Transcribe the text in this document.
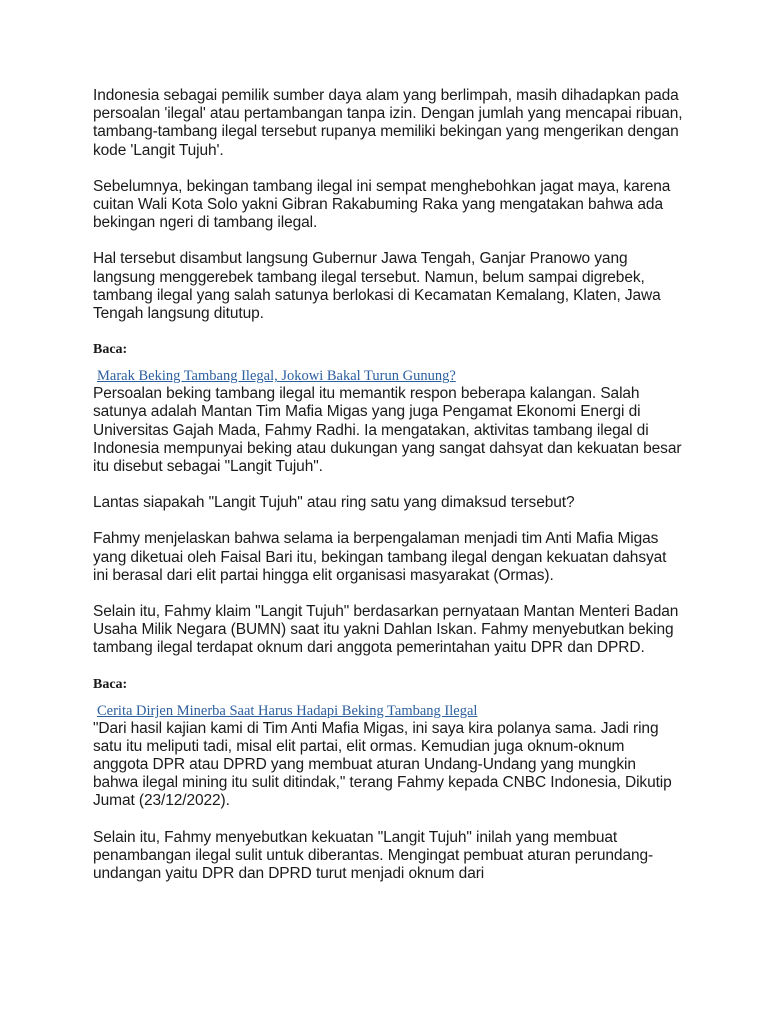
Indonesia sebagai pemilik sumber daya alam yang berlimpah, masih dihadapkan pada persoalan 'ilegal' atau pertambangan tanpa izin. Dengan jumlah yang mencapai ribuan, tambang-tambang ilegal tersebut rupanya memiliki bekingan yang mengerikan dengan kode 'Langit Tujuh'.

Sebelumnya, bekingan tambang ilegal ini sempat menghebohkan jagat maya, karena cuitan Wali Kota Solo yakni Gibran Rakabuming Raka yang mengatakan bahwa ada bekingan ngeri di tambang ilegal.

Hal tersebut disambut langsung Gubernur Jawa Tengah, Ganjar Pranowo yang langsung menggerebek tambang ilegal tersebut. Namun, belum sampai digrebek, tambang ilegal yang salah satunya berlokasi di Kecamatan Kemalang, Klaten, Jawa Tengah langsung ditutup.

Baca:

Marak Beking Tambang Ilegal, Jokowi Bakal Turun Gunung?

Persoalan beking tambang ilegal itu memantik respon beberapa kalangan. Salah satunya adalah Mantan Tim Mafia Migas yang juga Pengamat Ekonomi Energi di Universitas Gajah Mada, Fahmy Radhi. Ia mengatakan, aktivitas tambang ilegal di Indonesia mempunyai beking atau dukungan yang sangat dahsyat dan kekuatan besar itu disebut sebagai "Langit Tujuh".

Lantas siapakah "Langit Tujuh" atau ring satu yang dimaksud tersebut?

Fahmy menjelaskan bahwa selama ia berpengalaman menjadi tim Anti Mafia Migas yang diketuai oleh Faisal Bari itu, bekingan tambang ilegal dengan kekuatan dahsyat ini berasal dari elit partai hingga elit organisasi masyarakat (Ormas).

Selain itu, Fahmy klaim "Langit Tujuh" berdasarkan pernyataan Mantan Menteri Badan Usaha Milik Negara (BUMN) saat itu yakni Dahlan Iskan. Fahmy menyebutkan beking tambang ilegal terdapat oknum dari anggota pemerintahan yaitu DPR dan DPRD.

Baca:

Cerita Dirjen Minerba Saat Harus Hadapi Beking Tambang Ilegal

"Dari hasil kajian kami di Tim Anti Mafia Migas, ini saya kira polanya sama. Jadi ring satu itu meliputi tadi, misal elit partai, elit ormas. Kemudian juga oknum-oknum anggota DPR atau DPRD yang membuat aturan Undang-Undang yang mungkin bahwa ilegal mining itu sulit ditindak," terang Fahmy kepada CNBC Indonesia, Dikutip Jumat (23/12/2022).

Selain itu, Fahmy menyebutkan kekuatan "Langit Tujuh" inilah yang membuat penambangan ilegal sulit untuk diberantas. Mengingat pembuat aturan perundang-undangan yaitu DPR dan DPRD turut menjadi oknum dari
